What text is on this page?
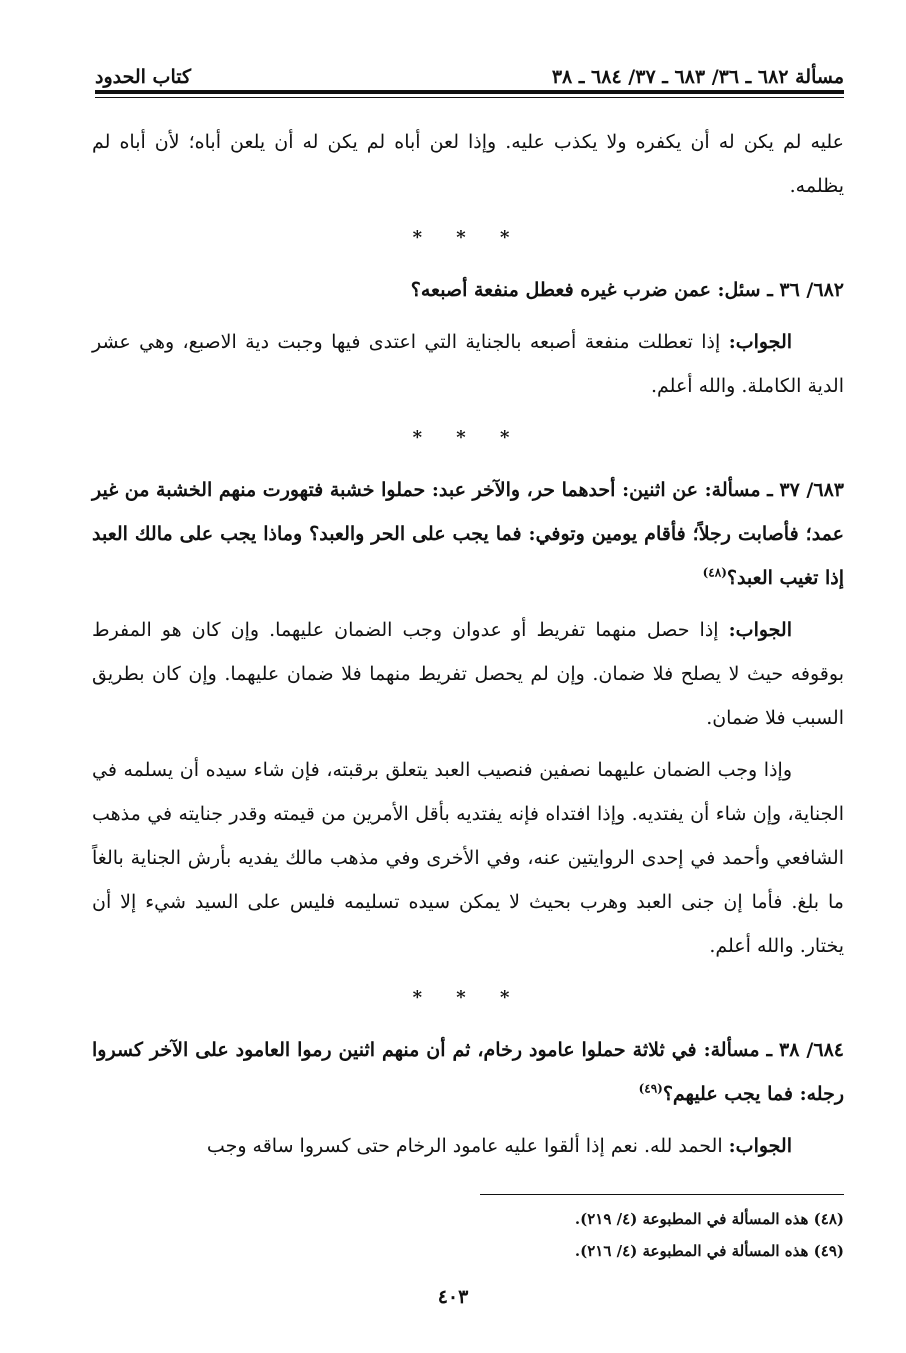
مسألة ٦٨٢ ـ ٣٦/ ٦٨٣ ـ ٣٧/ ٦٨٤ ـ ٣٨
كتاب الحدود

عليه لم يكن له أن يكفره ولا يكذب عليه. وإذا لعن أباه لم يكن له أن يلعن أباه؛ لأن أباه لم يظلمه.

* * *

٦٨٢/ ٣٦ ـ سئل: عمن ضرب غيره فعطل منفعة أصبعه؟

الجواب: إذا تعطلت منفعة أصبعه بالجناية التي اعتدى فيها وجبت دية الاصبع، وهي عشر الدية الكاملة. والله أعلم.

* * *

٦٨٣/ ٣٧ ـ مسألة: عن اثنين: أحدهما حر، والآخر عبد: حملوا خشبة فتهورت منهم الخشبة من غير عمد؛ فأصابت رجلاً؛ فأقام يومين وتوفي: فما يجب على الحر والعبد؟ وماذا يجب على مالك العبد إذا تغيب العبد؟$^{(٤٨)}$

الجواب: إذا حصل منهما تفريط أو عدوان وجب الضمان عليهما. وإن كان هو المفرط بوقوفه حيث لا يصلح فلا ضمان. وإن لم يحصل تفريط منهما فلا ضمان عليهما. وإن كان بطريق السبب فلا ضمان.

وإذا وجب الضمان عليهما نصفين فنصيب العبد يتعلق برقبته، فإن شاء سيده أن يسلمه في الجناية، وإن شاء أن يفتديه. وإذا افتداه فإنه يفتديه بأقل الأمرين من قيمته وقدر جنايته في مذهب الشافعي وأحمد في إحدى الروايتين عنه، وفي الأخرى وفي مذهب مالك يفديه بأرش الجناية بالغاً ما بلغ. فأما إن جنى العبد وهرب بحيث لا يمكن سيده تسليمه فليس على السيد شيء إلا أن يختار. والله أعلم.

* * *

٦٨٤/ ٣٨ ـ مسألة: في ثلاثة حملوا عامود رخام، ثم أن منهم اثنين رموا العامود على الآخر كسروا رجله: فما يجب عليهم؟$^{(٤٩)}$

الجواب: الحمد لله. نعم إذا ألقوا عليه عامود الرخام حتى كسروا ساقه وجب

(٤٨) هذه المسألة في المطبوعة (٤/ ٢١٩).
(٤٩) هذه المسألة في المطبوعة (٤/ ٢١٦).
٤٠٣
